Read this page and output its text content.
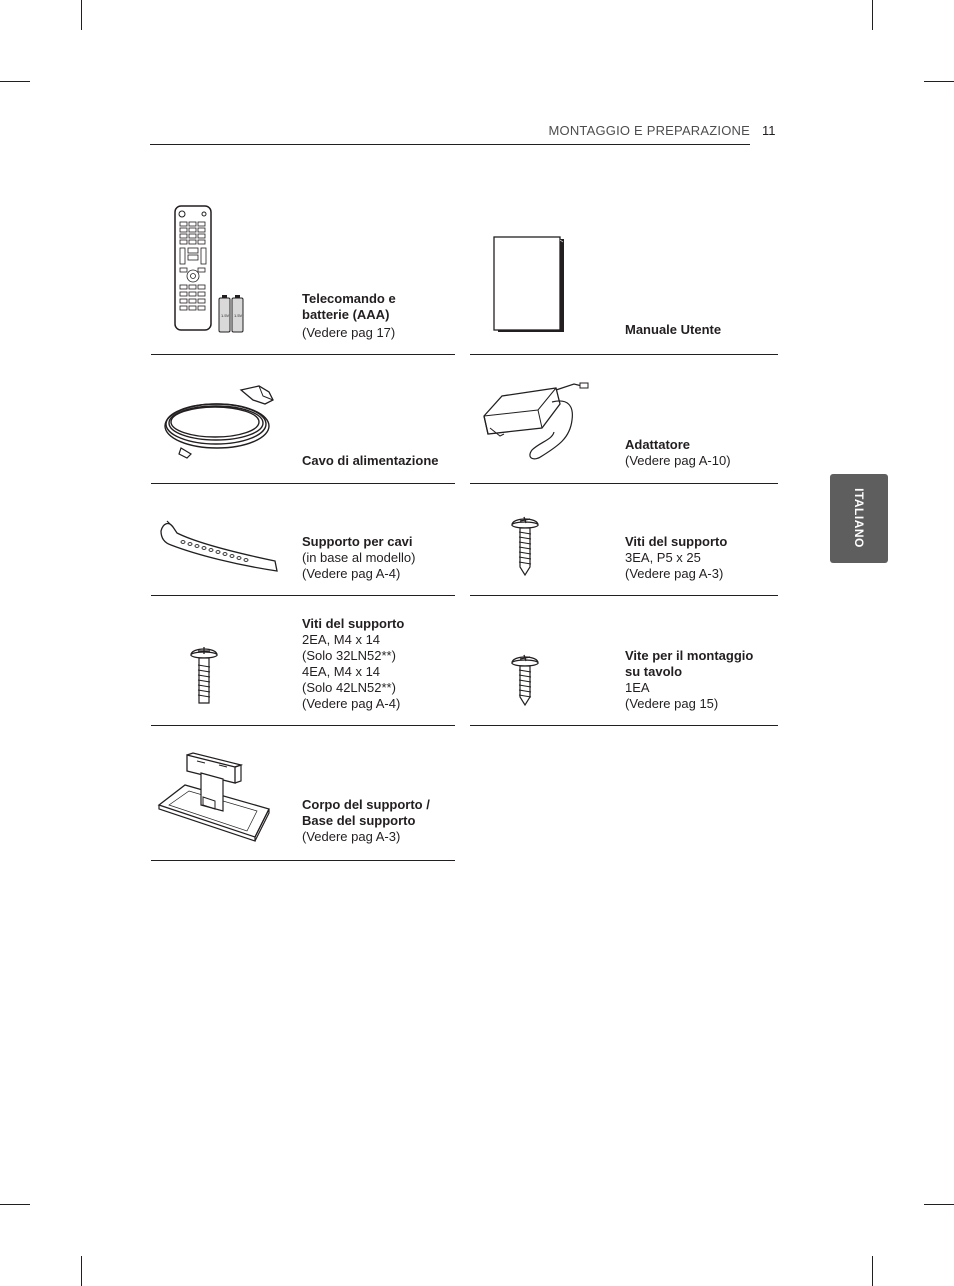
MONTAGGIO E PREPARAZIONE 11
ITALIANO
1.5V 1.5V
Telecomando e
batterie (AAA)
(Vedere pag 17)	Manuale Utente
Cavo di alimentazione
Adattatore
(Vedere pag A-10)
Supporto per cavi
(in base al modello)
(Vedere pag A-4)
Viti del supporto
3EA, P5 x 25
(Vedere pag A-3)
Viti del supporto
2EA, M4 x 14
(Solo 32LN52**)
4EA, M4 x 14
(Solo 42LN52**)
(Vedere pag A-4)
Vite per il montaggio
su tavolo
1EA
(Vedere pag 15)
Corpo del supporto /
Base del supporto
(Vedere pag A-3)
